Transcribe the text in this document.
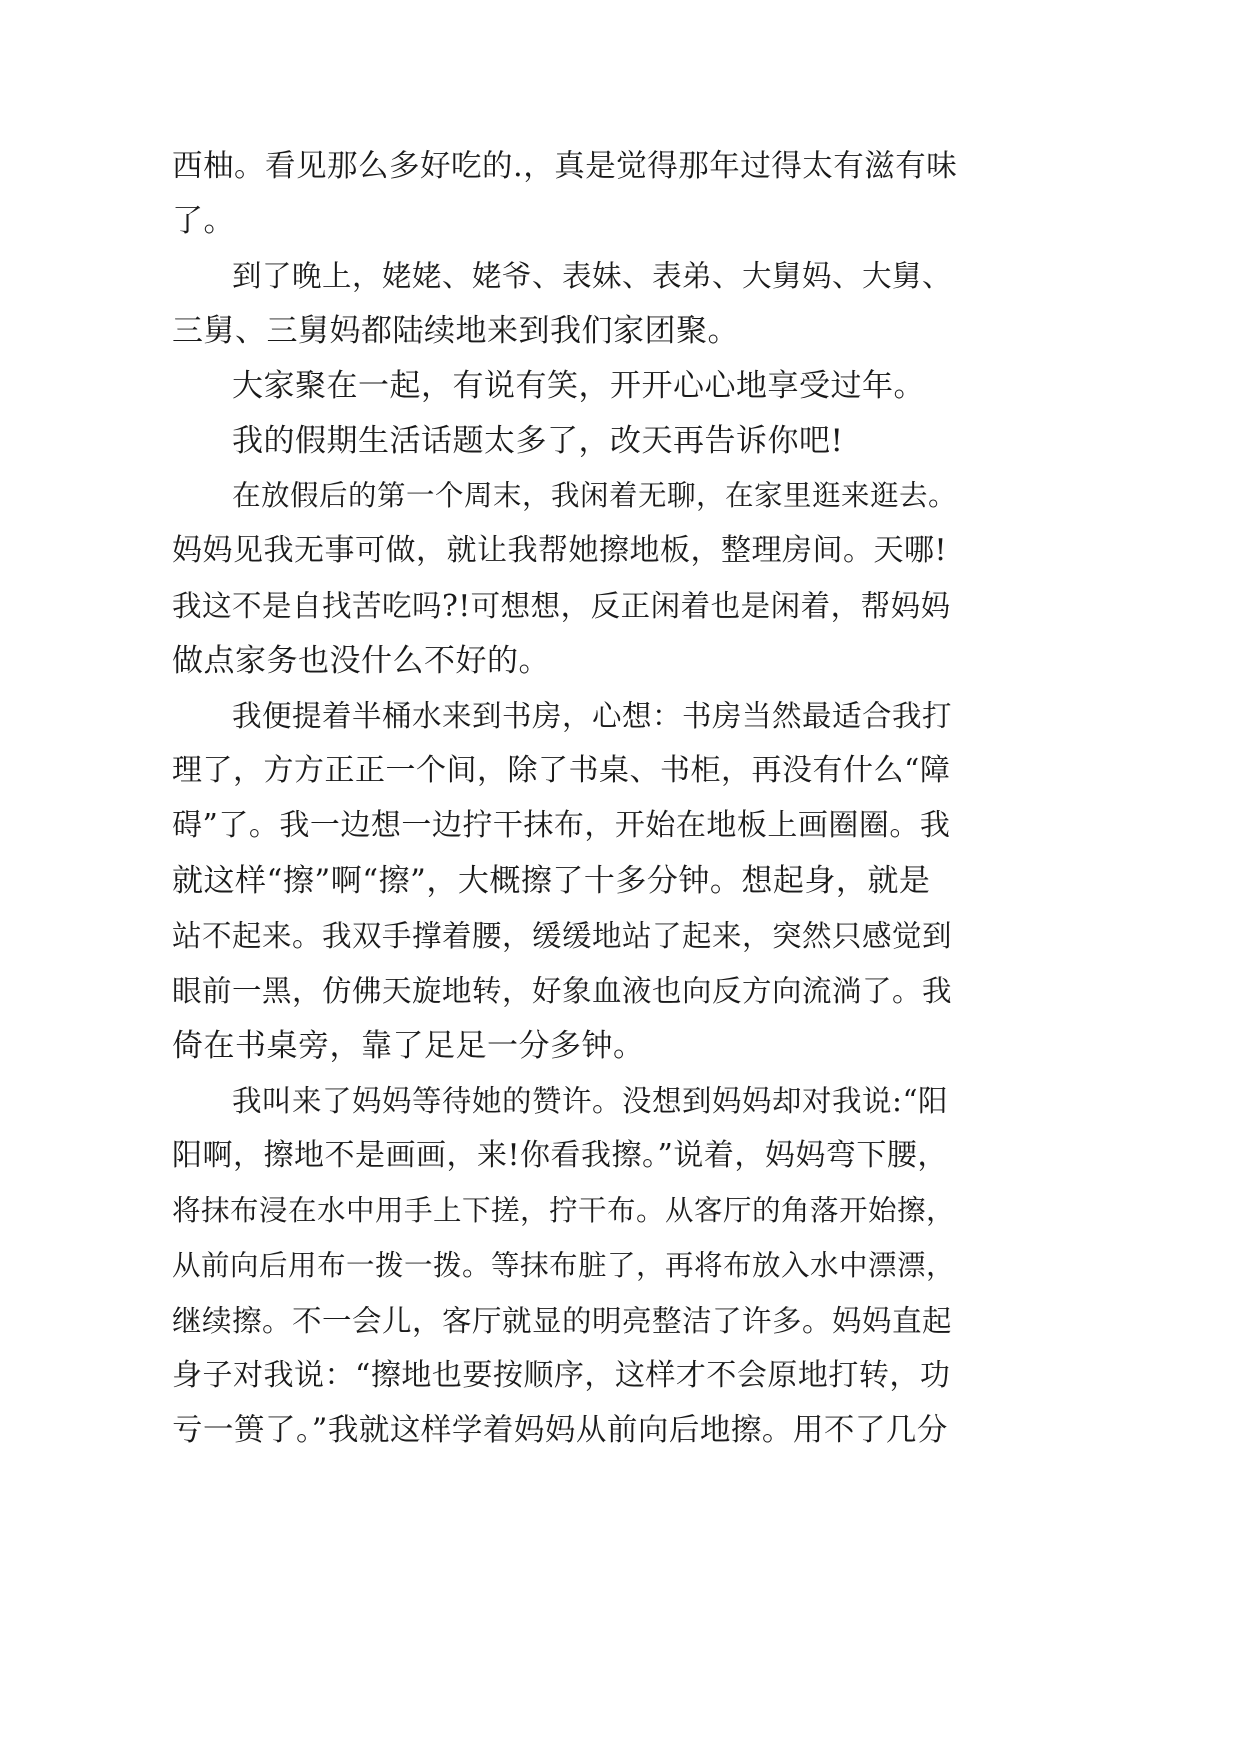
西柚。看见那么多好吃的.，真是觉得那年过得太有滋有味
了。
到了晚上，姥姥、姥爷、表妹、表弟、大舅妈、大舅、
三舅、三舅妈都陆续地来到我们家团聚。
大家聚在一起，有说有笑，开开心心地享受过年。
我的假期生活话题太多了，改天再告诉你吧!
在放假后的第一个周末，我闲着无聊，在家里逛来逛去。
妈妈见我无事可做，就让我帮她擦地板，整理房间。天哪!
我这不是自找苦吃吗?!可想想，反正闲着也是闲着，帮妈妈
做点家务也没什么不好的。
我便提着半桶水来到书房，心想：书房当然最适合我打
理了，方方正正一个间，除了书桌、书柜，再没有什么“障
碍”了。我一边想一边拧干抹布，开始在地板上画圈圈。我
就这样“擦”啊“擦”，大概擦了十多分钟。想起身，就是
站不起来。我双手撑着腰，缓缓地站了起来，突然只感觉到
眼前一黑，仿佛天旋地转，好象血液也向反方向流淌了。我
倚在书桌旁，靠了足足一分多钟。
我叫来了妈妈等待她的赞许。没想到妈妈却对我说:“阳
阳啊，擦地不是画画，来!你看我擦。”说着，妈妈弯下腰，
将抹布浸在水中用手上下搓，拧干布。从客厅的角落开始擦，
从前向后用布一拨一拨。等抹布脏了，再将布放入水中漂漂，
继续擦。不一会儿，客厅就显的明亮整洁了许多。妈妈直起
身子对我说：“擦地也要按顺序，这样才不会原地打转，功
亏一篑了。”我就这样学着妈妈从前向后地擦。用不了几分
